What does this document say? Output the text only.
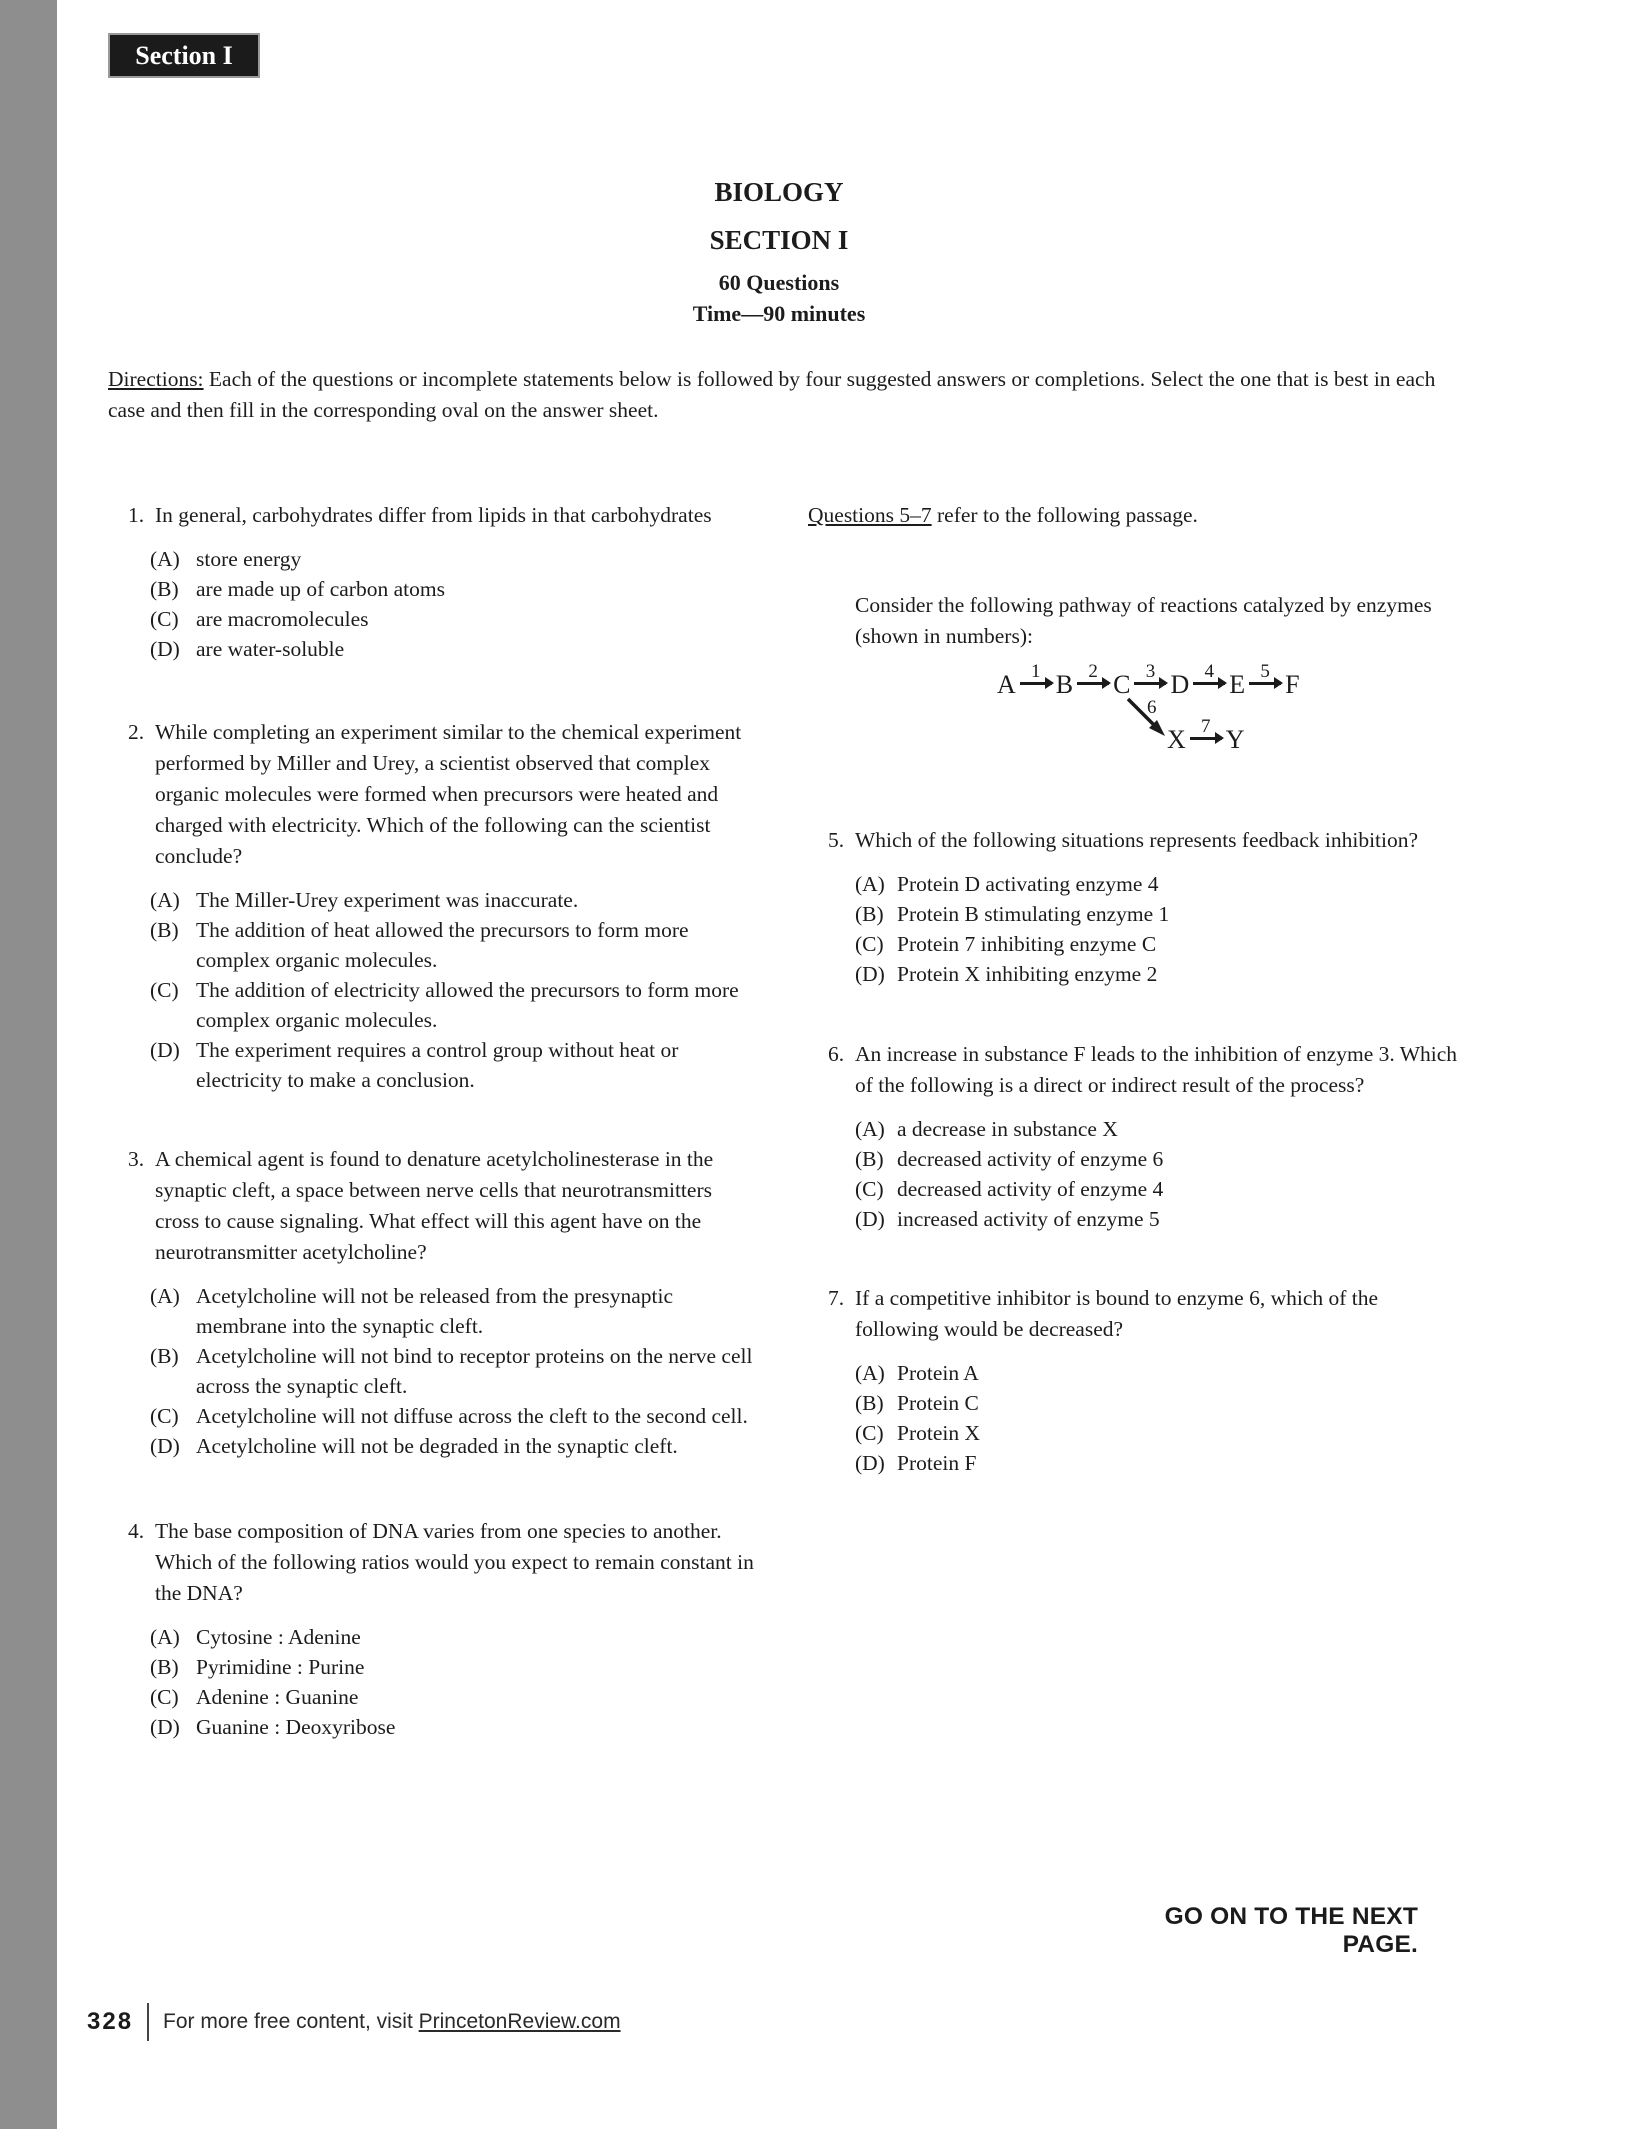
Section I
BIOLOGY
SECTION I
60 Questions
Time—90 minutes
Directions: Each of the questions or incomplete statements below is followed by four suggested answers or completions. Select the one that is best in each case and then fill in the corresponding oval on the answer sheet.
1. In general, carbohydrates differ from lipids in that carbohydrates
(A) store energy
(B) are made up of carbon atoms
(C) are macromolecules
(D) are water-soluble
2. While completing an experiment similar to the chemical experiment performed by Miller and Urey, a scientist observed that complex organic molecules were formed when precursors were heated and charged with electricity. Which of the following can the scientist conclude?
(A) The Miller-Urey experiment was inaccurate.
(B) The addition of heat allowed the precursors to form more complex organic molecules.
(C) The addition of electricity allowed the precursors to form more complex organic molecules.
(D) The experiment requires a control group without heat or electricity to make a conclusion.
3. A chemical agent is found to denature acetylcholinesterase in the synaptic cleft, a space between nerve cells that neurotransmitters cross to cause signaling. What effect will this agent have on the neurotransmitter acetylcholine?
(A) Acetylcholine will not be released from the presynaptic membrane into the synaptic cleft.
(B) Acetylcholine will not bind to receptor proteins on the nerve cell across the synaptic cleft.
(C) Acetylcholine will not diffuse across the cleft to the second cell.
(D) Acetylcholine will not be degraded in the synaptic cleft.
4. The base composition of DNA varies from one species to another. Which of the following ratios would you expect to remain constant in the DNA?
(A) Cytosine : Adenine
(B) Pyrimidine : Purine
(C) Adenine : Guanine
(D) Guanine : Deoxyribose
Questions 5–7 refer to the following passage.
Consider the following pathway of reactions catalyzed by enzymes (shown in numbers):
A 1 B 2 C 3 D 4 E 5 F
6
X 7 Y
5. Which of the following situations represents feedback inhibition?
(A) Protein D activating enzyme 4
(B) Protein B stimulating enzyme 1
(C) Protein 7 inhibiting enzyme C
(D) Protein X inhibiting enzyme 2
6. An increase in substance F leads to the inhibition of enzyme 3. Which of the following is a direct or indirect result of the process?
(A) a decrease in substance X
(B) decreased activity of enzyme 6
(C) decreased activity of enzyme 4
(D) increased activity of enzyme 5
7. If a competitive inhibitor is bound to enzyme 6, which of the following would be decreased?
(A) Protein A
(B) Protein C
(C) Protein X
(D) Protein F
GO ON TO THE NEXT PAGE.
328 For more free content, visit PrincetonReview.com
